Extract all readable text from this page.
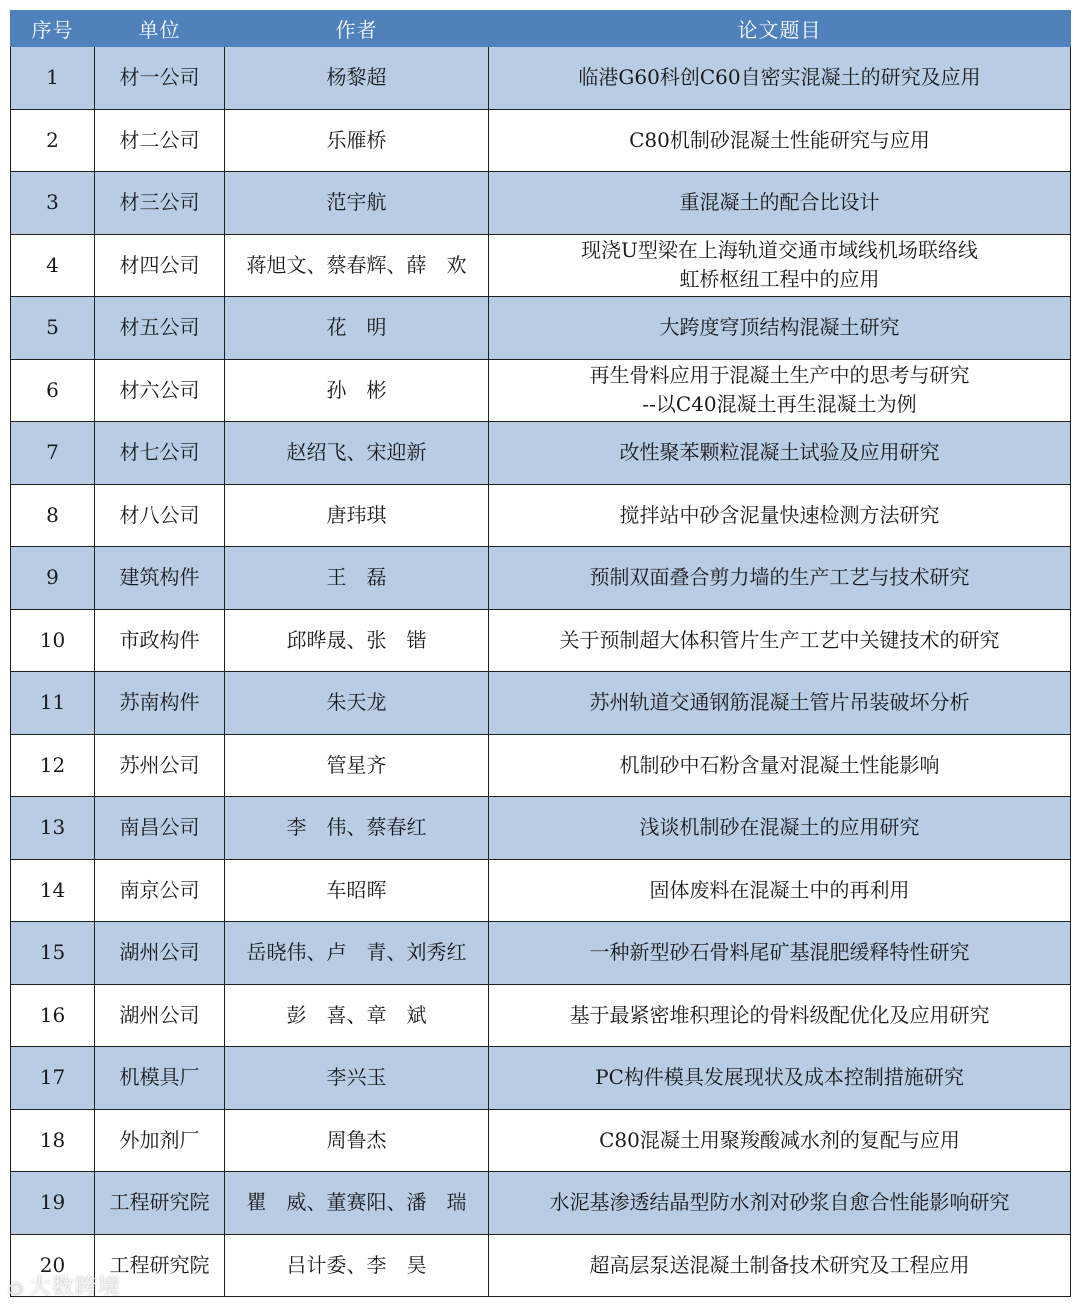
序号	单位	作者	论文题目
1	材一公司	杨黎超	临港G60科创C60自密实混凝土的研究及应用

2	材二公司	乐雁桥	C80机制砂混凝土性能研究与应用

3	材三公司	范宇航	重混凝土的配合比设计

4	材四公司	蒋旭文、蔡春辉、薛　欢	现浇U型梁在上海轨道交通市域线机场联络线
虹桥枢纽工程中的应用

5	材五公司	花　明	大跨度穹顶结构混凝土研究

6	材六公司	孙　彬	再生骨料应用于混凝土生产中的思考与研究
--以C40混凝土再生混凝土为例

7	材七公司	赵绍飞、宋迎新	改性聚苯颗粒混凝土试验及应用研究

8	材八公司	唐玮琪	搅拌站中砂含泥量快速检测方法研究

9	建筑构件	王　磊	预制双面叠合剪力墙的生产工艺与技术研究

10	市政构件	邱晔晟、张　锴	关于预制超大体积管片生产工艺中关键技术的研究

11	苏南构件	朱天龙	苏州轨道交通钢筋混凝土管片吊装破坏分析

12	苏州公司	管星齐	机制砂中石粉含量对混凝土性能影响

13	南昌公司	李　伟、蔡春红	浅谈机制砂在混凝土的应用研究

14	南京公司	车昭晖	固体废料在混凝土中的再利用

15	湖州公司	岳晓伟、卢　青、刘秀红	一种新型砂石骨料尾矿基混肥缓释特性研究

16	湖州公司	彭　喜、章　斌	基于最紧密堆积理论的骨料级配优化及应用研究

17	机模具厂	李兴玉	PC构件模具发展现状及成本控制措施研究

18	外加剂厂	周鲁杰	C80混凝土用聚羧酸减水剂的复配与应用

19	工程研究院	瞿　威、董赛阳、潘　瑞	水泥基渗透结晶型防水剂对砂浆自愈合性能影响研究

20	工程研究院	吕计委、李　昊	超高层泵送混凝土制备技术研究及工程应用
◉ 大数跨境
